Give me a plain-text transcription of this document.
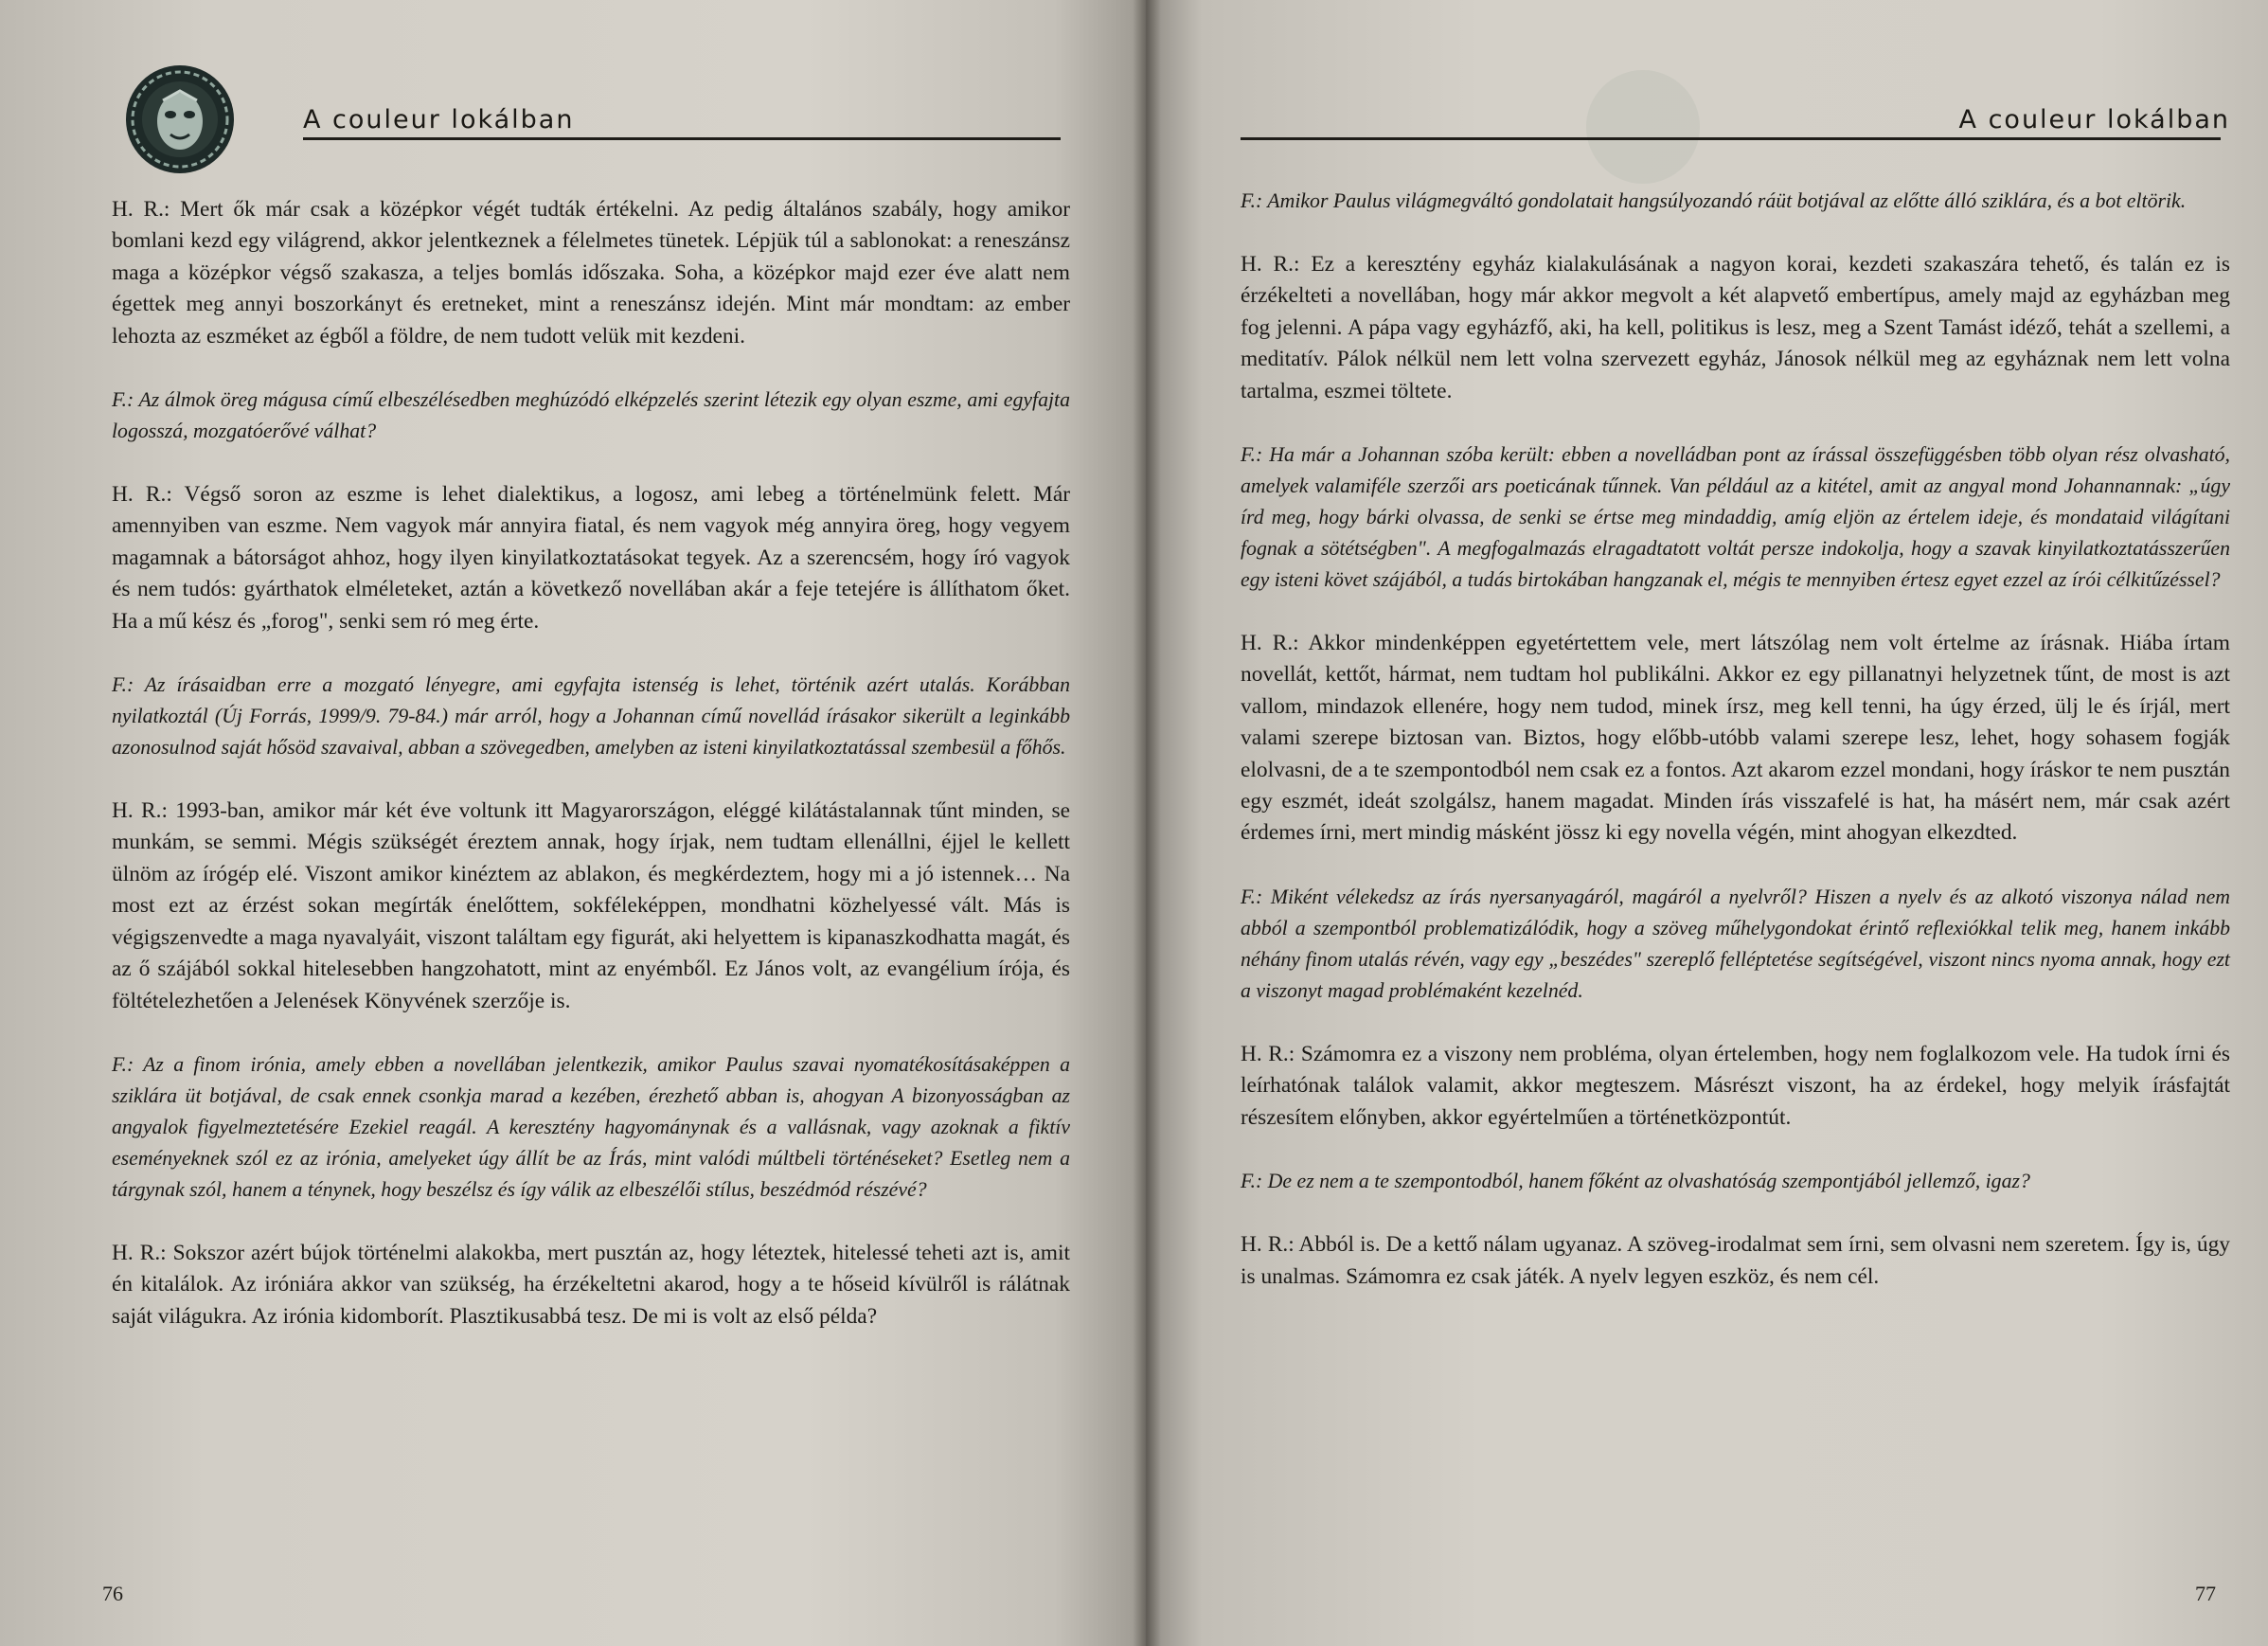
A couleur lokálban

H. R.: Mert ők már csak a középkor végét tudták értékelni. Az pedig általános szabály, hogy amikor bomlani kezd egy világrend, akkor jelentkeznek a félelmetes tünetek. Lépjük túl a sablonokat: a reneszánsz maga a középkor végső szakasza, a teljes bomlás időszaka. Soha, a középkor majd ezer éve alatt nem égettek meg annyi boszorkányt és eretneket, mint a reneszánsz idején. Mint már mondtam: az ember lehozta az eszméket az égből a földre, de nem tudott velük mit kezdeni.

F.: Az álmok öreg mágusa című elbeszélésedben meghúzódó elképzelés szerint létezik egy olyan eszme, ami egyfajta logosszá, mozgatóerővé válhat?

H. R.: Végső soron az eszme is lehet dialektikus, a logosz, ami lebeg a történelmünk felett. Már amennyiben van eszme. Nem vagyok már annyira fiatal, és nem vagyok még annyira öreg, hogy vegyem magamnak a bátorságot ahhoz, hogy ilyen kinyilatkoztatásokat tegyek. Az a szerencsém, hogy író vagyok és nem tudós: gyárthatok elméleteket, aztán a következő novellában akár a feje tetejére is állíthatom őket. Ha a mű kész és „forog", senki sem ró meg érte.

F.: Az írásaidban erre a mozgató lényegre, ami egyfajta istenség is lehet, történik azért utalás. Korábban nyilatkoztál (Új Forrás, 1999/9. 79-84.) már arról, hogy a Johannan című novellád írásakor sikerült a leginkább azonosulnod saját hősöd szavaival, abban a szövegedben, amelyben az isteni kinyilatkoztatással szembesül a főhős.

H. R.: 1993-ban, amikor már két éve voltunk itt Magyarországon, eléggé kilátástalannak tűnt minden, se munkám, se semmi. Mégis szükségét éreztem annak, hogy írjak, nem tudtam ellenállni, éjjel le kellett ülnöm az írógép elé. Viszont amikor kinéztem az ablakon, és megkérdeztem, hogy mi a jó istennek… Na most ezt az érzést sokan megírták énelőttem, sokféleképpen, mondhatni közhelyessé vált. Más is végigszenvedte a maga nyavalyáit, viszont találtam egy figurát, aki helyettem is kipanaszkodhatta magát, és az ő szájából sokkal hitelesebben hangzohatott, mint az enyémből. Ez János volt, az evangélium írója, és föltételezhetően a Jelenések Könyvének szerzője is.

F.: Az a finom irónia, amely ebben a novellában jelentkezik, amikor Paulus szavai nyomatékosításaképpen a sziklára üt botjával, de csak ennek csonkja marad a kezében, érezhető abban is, ahogyan A bizonyosságban az angyalok figyelmeztetésére Ezekiel reagál. A keresztény hagyománynak és a vallásnak, vagy azoknak a fiktív eseményeknek szól ez az irónia, amelyeket úgy állít be az Írás, mint valódi múltbeli történéseket? Esetleg nem a tárgynak szól, hanem a ténynek, hogy beszélsz és így válik az elbeszélői stílus, beszédmód részévé?

H. R.: Sokszor azért bújok történelmi alakokba, mert pusztán az, hogy léteztek, hitelessé teheti azt is, amit én kitalálok. Az iróniára akkor van szükség, ha érzékeltetni akarod, hogy a te hőseid kívülről is rálátnak saját világukra. Az irónia kidomborít. Plasztikusabbá tesz. De mi is volt az első példa?

76
A couleur lokálban

F.: Amikor Paulus világmegváltó gondolatait hangsúlyozandó ráüt botjával az előtte álló sziklára, és a bot eltörik.

H. R.: Ez a keresztény egyház kialakulásának a nagyon korai, kezdeti szakaszára tehető, és talán ez is érzékelteti a novellában, hogy már akkor megvolt a két alapvető embertípus, amely majd az egyházban meg fog jelenni. A pápa vagy egyházfő, aki, ha kell, politikus is lesz, meg a Szent Tamást idéző, tehát a szellemi, a meditatív. Pálok nélkül nem lett volna szervezett egyház, Jánosok nélkül meg az egyháznak nem lett volna tartalma, eszmei töltete.

F.: Ha már a Johannan szóba került: ebben a novelládban pont az írással összefüggésben több olyan rész olvasható, amelyek valamiféle szerzői ars poeticának tűnnek. Van például az a kitétel, amit az angyal mond Johannannak: „úgy írd meg, hogy bárki olvassa, de senki se értse meg mindaddig, amíg eljön az értelem ideje, és mondataid világítani fognak a sötétségben". A megfogalmazás elragadtatott voltát persze indokolja, hogy a szavak kinyilatkoztatásszerűen egy isteni követ szájából, a tudás birtokában hangzanak el, mégis te mennyiben értesz egyet ezzel az írói célkitűzéssel?

H. R.: Akkor mindenképpen egyetértettem vele, mert látszólag nem volt értelme az írásnak. Hiába írtam novellát, kettőt, hármat, nem tudtam hol publikálni. Akkor ez egy pillanatnyi helyzetnek tűnt, de most is azt vallom, mindazok ellenére, hogy nem tudod, minek írsz, meg kell tenni, ha úgy érzed, ülj le és írjál, mert valami szerepe biztosan van. Biztos, hogy előbb-utóbb valami szerepe lesz, lehet, hogy sohasem fogják elolvasni, de a te szempontodból nem csak ez a fontos. Azt akarom ezzel mondani, hogy íráskor te nem pusztán egy eszmét, ideát szolgálsz, hanem magadat. Minden írás visszafelé is hat, ha másért nem, már csak azért érdemes írni, mert mindig másként jössz ki egy novella végén, mint ahogyan elkezdted.

F.: Miként vélekedsz az írás nyersanyagáról, magáról a nyelvről? Hiszen a nyelv és az alkotó viszonya nálad nem abból a szempontból problematizálódik, hogy a szöveg műhelygondokat érintő reflexiókkal telik meg, hanem inkább néhány finom utalás révén, vagy egy „beszédes" szereplő felléptetése segítségével, viszont nincs nyoma annak, hogy ezt a viszonyt magad problémaként kezelnéd.

H. R.: Számomra ez a viszony nem probléma, olyan értelemben, hogy nem foglalkozom vele. Ha tudok írni és leírhatónak találok valamit, akkor megteszem. Másrészt viszont, ha az érdekel, hogy melyik írásfajtát részesítem előnyben, akkor egyértelműen a történetközpontút.

F.: De ez nem a te szempontodból, hanem főként az olvashatóság szempontjából jellemző, igaz?

H. R.: Abból is. De a kettő nálam ugyanaz. A szöveg-irodalmat sem írni, sem olvasni nem szeretem. Így is, úgy is unalmas. Számomra ez csak játék. A nyelv legyen eszköz, és nem cél.

77
